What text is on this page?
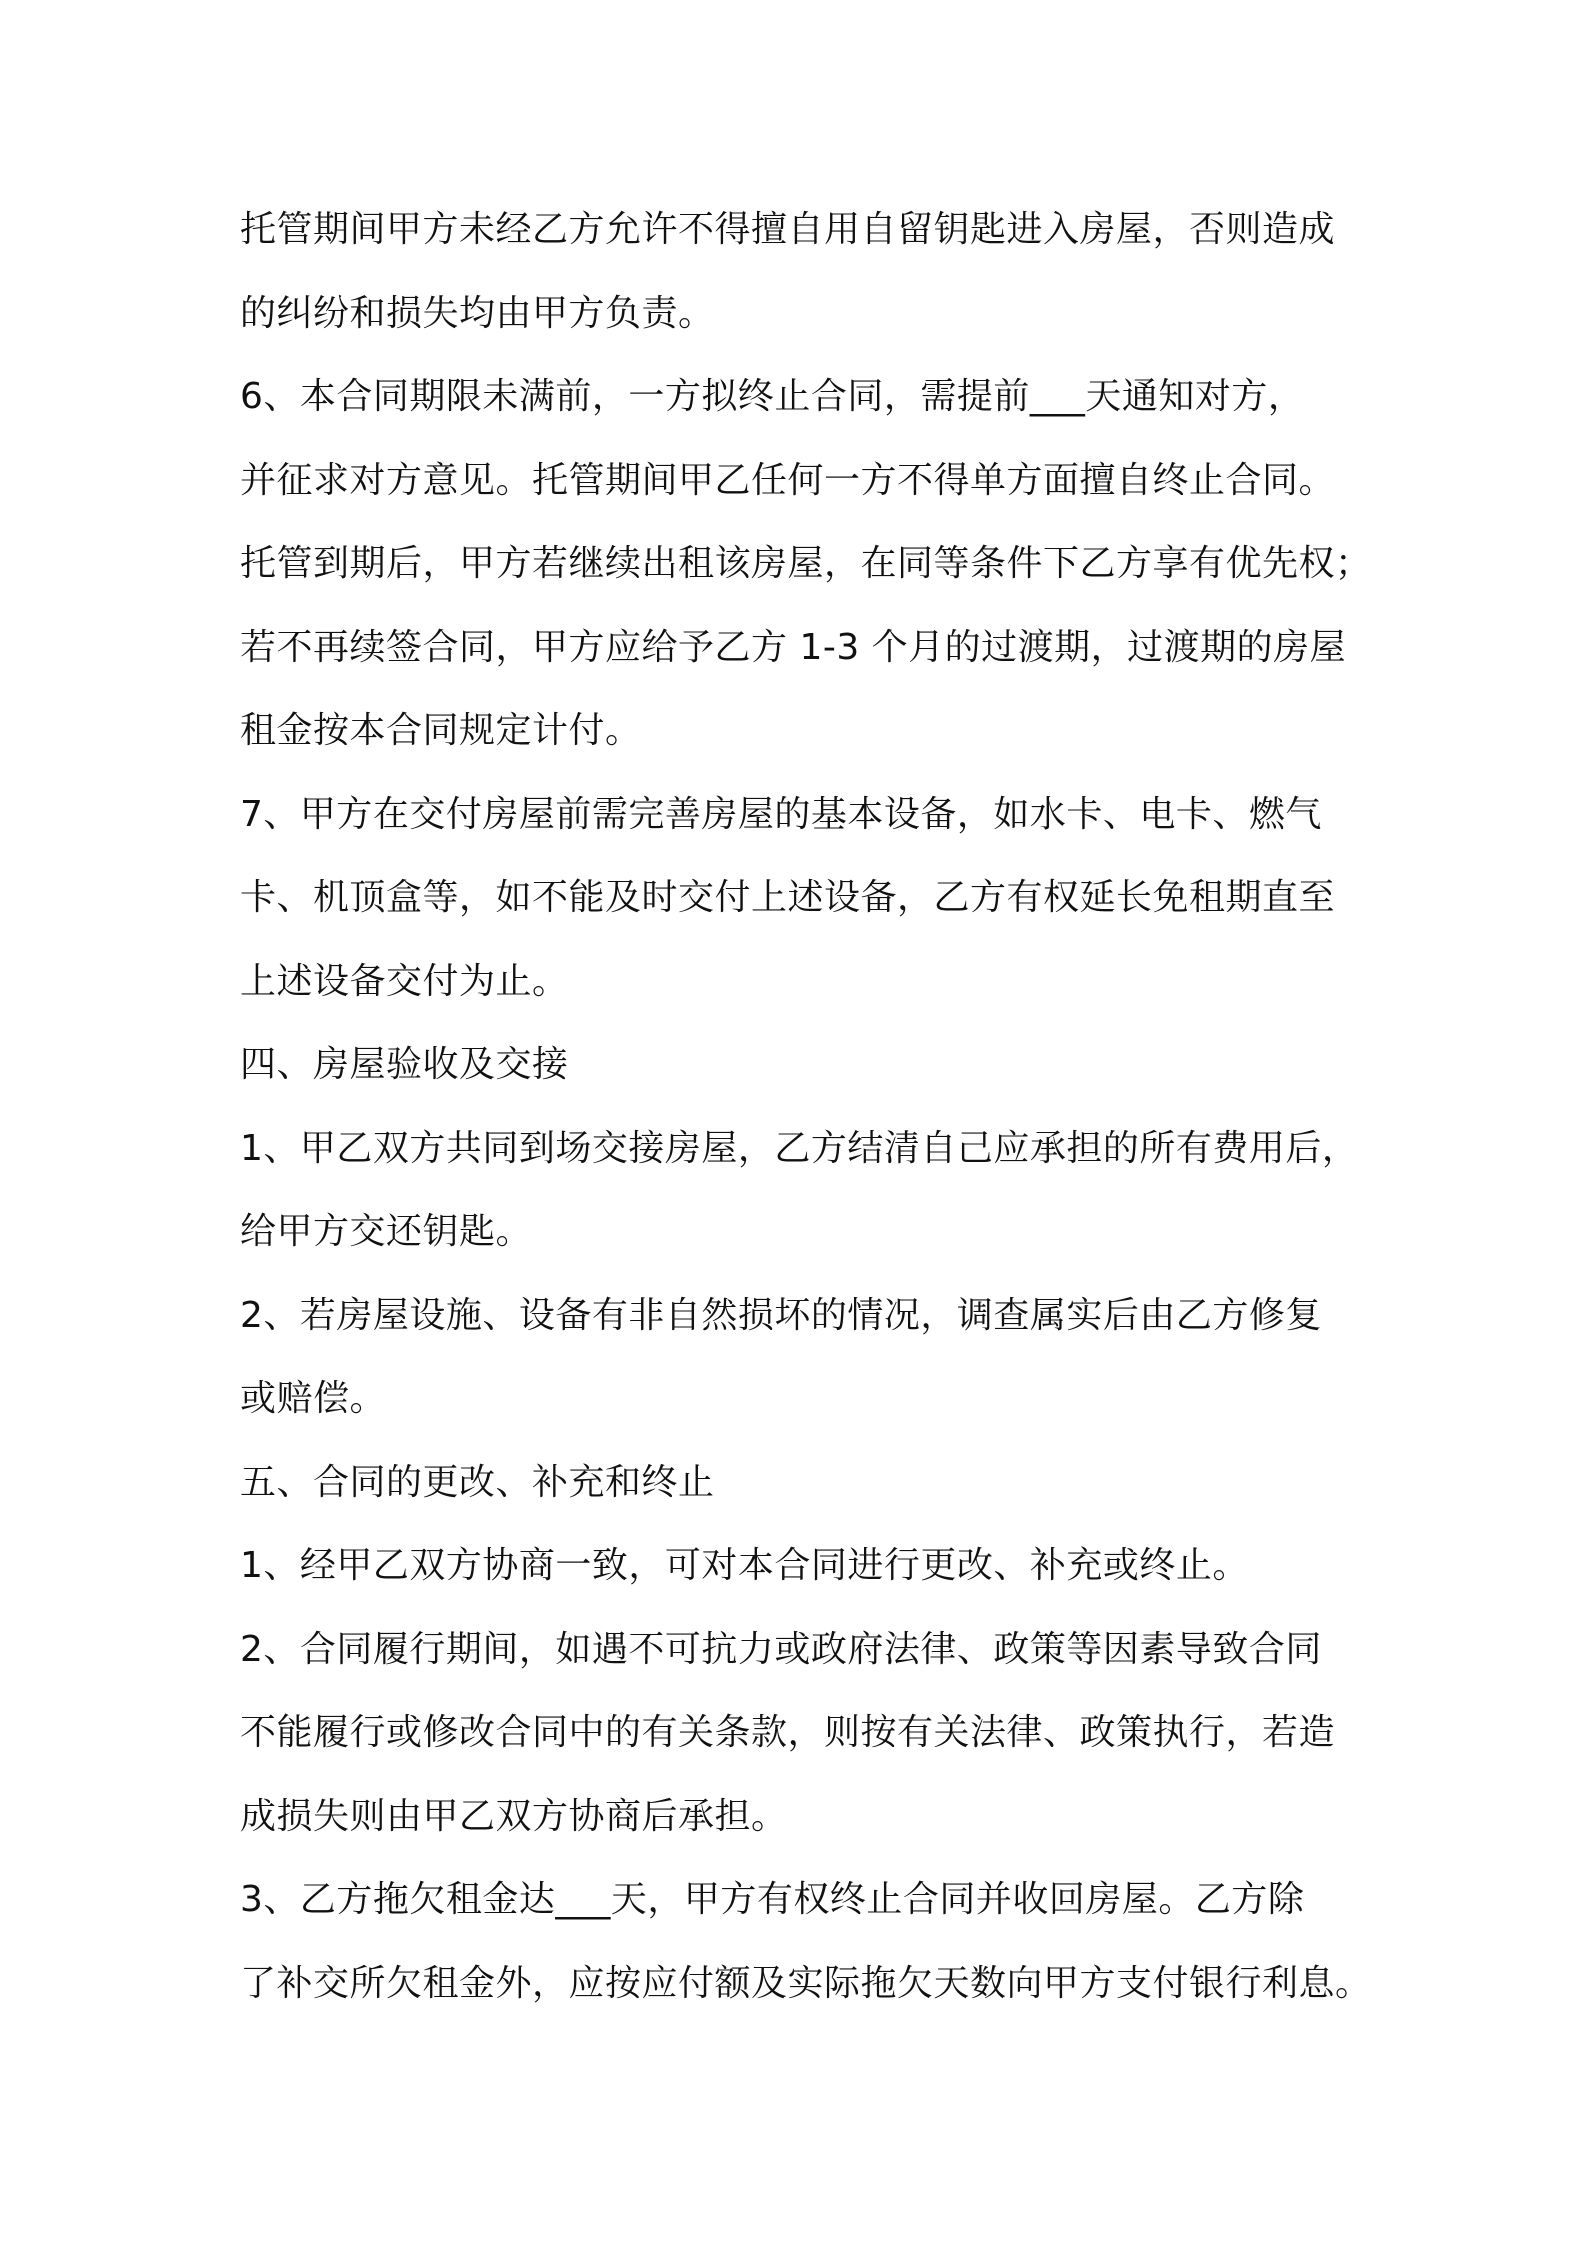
托管期间甲方未经乙方允许不得擅自用自留钥匙进入房屋，否则造成
的纠纷和损失均由甲方负责。
6、本合同期限未满前，一方拟终止合同，需提前___天通知对方，
并征求对方意见。托管期间甲乙任何一方不得单方面擅自终止合同。
托管到期后，甲方若继续出租该房屋，在同等条件下乙方享有优先权；
若不再续签合同，甲方应给予乙方 1-3 个月的过渡期，过渡期的房屋
租金按本合同规定计付。
7、甲方在交付房屋前需完善房屋的基本设备，如水卡、电卡、燃气
卡、机顶盒等，如不能及时交付上述设备，乙方有权延长免租期直至
上述设备交付为止。
四、房屋验收及交接
1、甲乙双方共同到场交接房屋，乙方结清自己应承担的所有费用后，
给甲方交还钥匙。
2、若房屋设施、设备有非自然损坏的情况，调查属实后由乙方修复
或赔偿。
五、合同的更改、补充和终止
1、经甲乙双方协商一致，可对本合同进行更改、补充或终止。
2、合同履行期间，如遇不可抗力或政府法律、政策等因素导致合同
不能履行或修改合同中的有关条款，则按有关法律、政策执行，若造
成损失则由甲乙双方协商后承担。
3、乙方拖欠租金达___天，甲方有权终止合同并收回房屋。乙方除
了补交所欠租金外，应按应付额及实际拖欠天数向甲方支付银行利息。
